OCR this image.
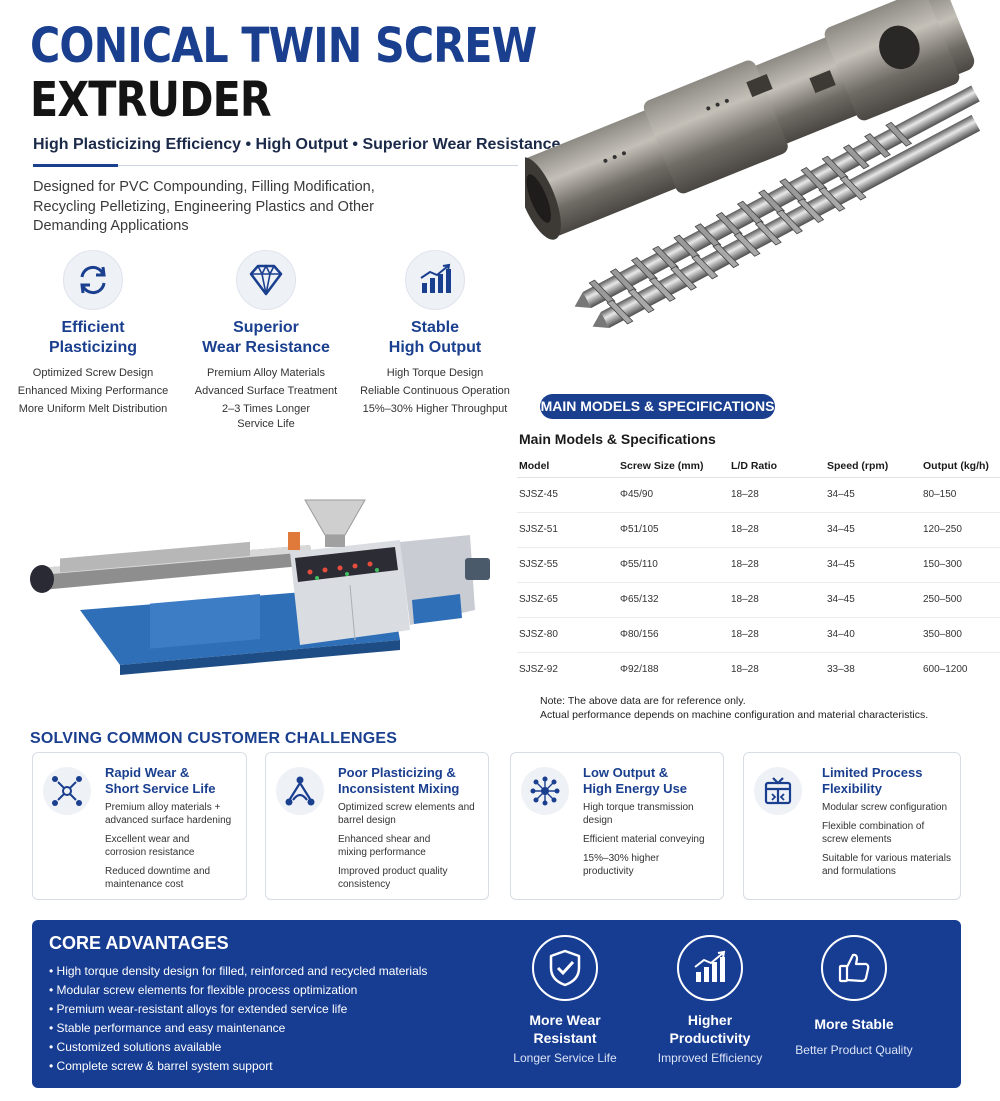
CONICAL TWIN SCREW
EXTRUDER
High Plasticizing Efficiency • High Output • Superior Wear Resistance
Designed for PVC Compounding, Filling Modification, Recycling Pelletizing, Engineering Plastics and Other Demanding Applications
Efficient
Plasticizing
Optimized Screw Design
Enhanced Mixing Performance
More Uniform Melt Distribution
Superior
Wear Resistance
Premium Alloy Materials
Advanced Surface Treatment
2–3 Times Longer Service Life
Stable
High Output
High Torque Design
Reliable Continuous Operation
15%–30% Higher Throughput	MAIN MODELS & SPECIFICATIONS
Main Models & Specifications
Model	Screw Size (mm)	L/D Ratio	Speed (rpm)	Output (kg/h)
SJSZ-45	Φ45/90	18–28	34–45	80–150
SJSZ-51	Φ51/105	18–28	34–45	120–250
SJSZ-55	Φ55/110	18–28	34–45	150–300
SJSZ-65	Φ65/132	18–28	34–45	250–500
SJSZ-80	Φ80/156	18–28	34–40	350–800
SJSZ-92	Φ92/188	18–28	33–38	600–1200
Note: The above data are for reference only.
Actual performance depends on machine configuration and material characteristics.
SOLVING COMMON CUSTOMER CHALLENGES
Rapid Wear &
Short Service Life
Premium alloy materials + advanced surface hardening
Excellent wear and corrosion resistance
Reduced downtime and maintenance cost
Poor Plasticizing &
Inconsistent Mixing
Optimized screw elements and barrel design
Enhanced shear and mixing performance
Improved product quality consistency
Low Output &
High Energy Use
High torque transmission design
Efficient material conveying
15%–30% higher productivity
Limited Process
Flexibility
Modular screw configuration
Flexible combination of screw elements
Suitable for various materials and formulations
CORE ADVANTAGES
• High torque density design for filled, reinforced and recycled materials
• Modular screw elements for flexible process optimization
• Premium wear-resistant alloys for extended service life
• Stable performance and easy maintenance
• Customized solutions available
• Complete screw & barrel system support
More Wear
Resistant
Longer Service Life
Higher
Productivity
Improved Efficiency
More Stable
Better Product Quality
